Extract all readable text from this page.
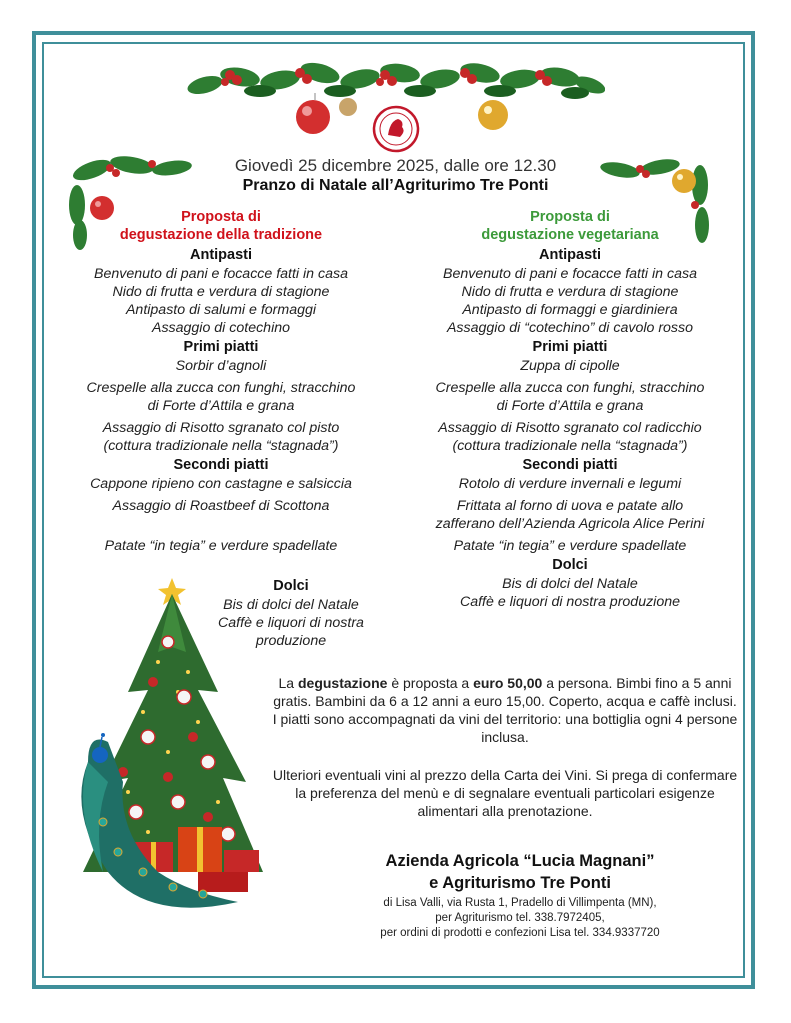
Giovedì 25 dicembre 2025, dalle ore 12.30
Pranzo di Natale all’Agriturimo Tre Ponti
Proposta di
degustazione della tradizione
Antipasti
Benvenuto di pani e focacce fatti in casa
Nido di frutta e verdura di stagione
Antipasto di salumi e formaggi
Assaggio di cotechino
Primi piatti
Sorbir d’agnoli
Crespelle alla zucca con funghi, stracchino
di Forte d’Attila e grana
Assaggio di Risotto sgranato col pisto
(cottura tradizionale nella “stagnada”)
Secondi piatti
Cappone ripieno con castagne e salsiccia
Assaggio di Roastbeef di Scottona
Patate “in tegia” e verdure spadellate
Dolci
Bis di dolci del Natale
Caffè e liquori di nostra
produzione
Proposta di
degustazione vegetariana
Antipasti
Benvenuto di pani e focacce fatti in casa
Nido di frutta e verdura di stagione
Antipasto di formaggi e giardiniera
Assaggio di “cotechino” di cavolo rosso
Primi piatti
Zuppa di cipolle
Crespelle alla zucca con funghi, stracchino
di Forte d’Attila e grana
Assaggio di Risotto sgranato col radicchio
(cottura tradizionale nella “stagnada”)
Secondi piatti
Rotolo di verdure invernali e legumi
Frittata al forno di uova e patate allo
zafferano dell’Azienda Agricola Alice Perini
Patate “in tegia” e verdure spadellate
Dolci
Bis di dolci del Natale
Caffè e liquori di nostra produzione
La degustazione è proposta a euro 50,00 a persona. Bimbi fino a 5 anni gratis. Bambini da 6 a 12 anni a euro 15,00. Coperto, acqua e caffè inclusi. I piatti sono accompagnati da vini del territorio: una bottiglia ogni 4 persone inclusa.
Ulteriori eventuali vini al prezzo della Carta dei Vini. Si prega di confermare la preferenza del menù e di segnalare eventuali particolari esigenze alimentari alla prenotazione.
Azienda Agricola “Lucia Magnani”
e Agriturismo Tre Ponti
di Lisa Valli, via Rusta 1, Pradello di Villimpenta (MN),
per Agriturismo tel. 338.7972405,
per ordini di prodotti e confezioni Lisa tel. 334.9337720
